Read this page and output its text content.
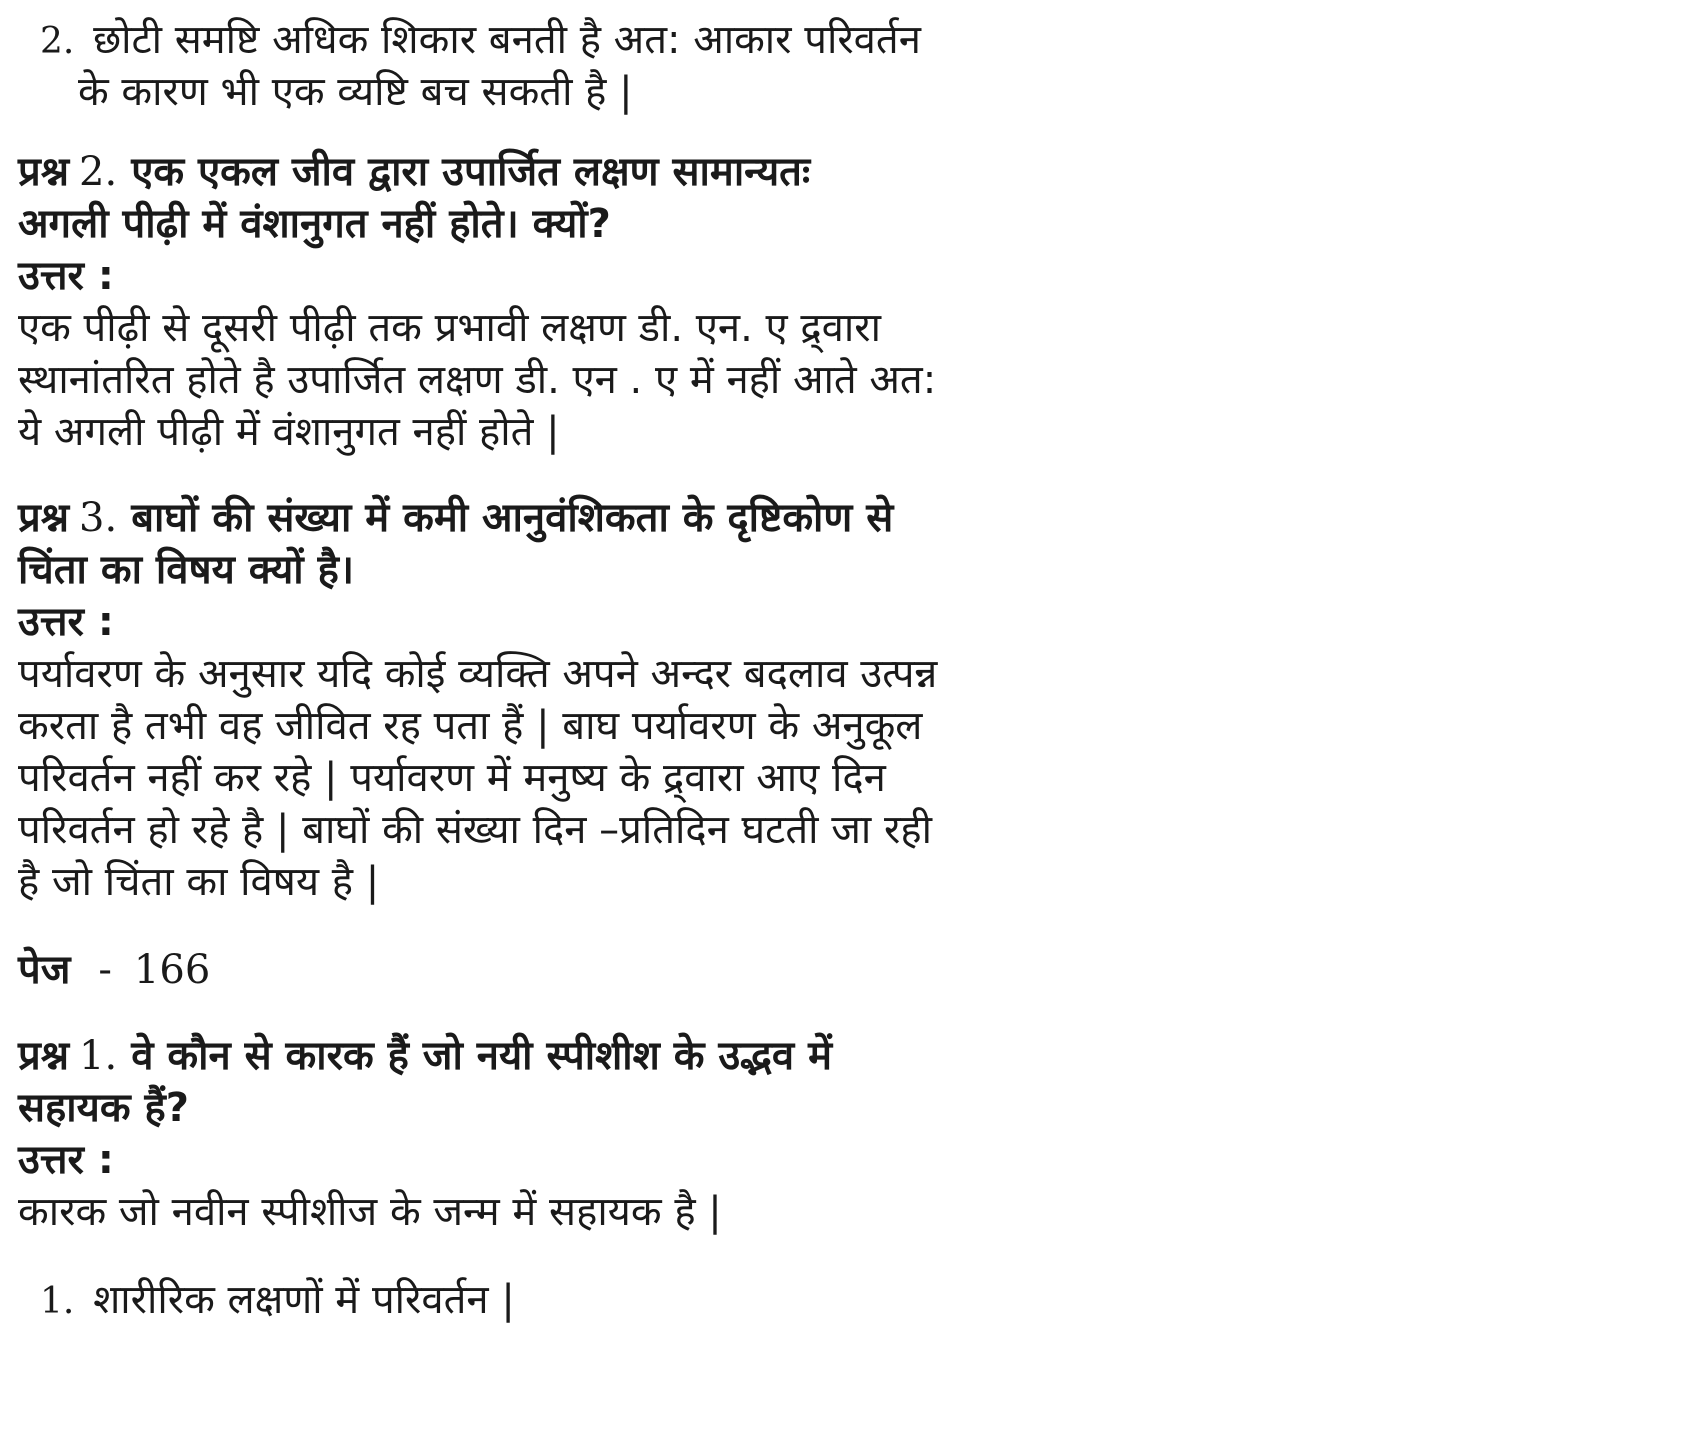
2. छोटी समष्टि अधिक शिकार बनती है अत: आकार परिवर्तन
के कारण भी एक व्यष्टि बच सकती है |
प्रश्न 2. एक एकल जीव द्वारा उपार्जित लक्षण सामान्यतः
अगली पीढ़ी में वंशानुगत नहीं होते। क्यों?
उत्तर :
एक पीढ़ी से दूसरी पीढ़ी तक प्रभावी लक्षण डी. एन. ए द्र्वारा
स्थानांतरित होते है उपार्जित लक्षण डी. एन . ए में नहीं आते अत:
ये अगली पीढ़ी में वंशानुगत नहीं होते |
प्रश्न 3. बाघों की संख्या में कमी आनुवंशिकता के दृष्टिकोण से
चिंता का विषय क्यों है।
उत्तर :
पर्यावरण के अनुसार यदि कोई व्यक्ति अपने अन्दर बदलाव उत्पन्न
करता है तभी वह जीवित रह पता हैं | बाघ पर्यावरण के अनुकूल
परिवर्तन नहीं कर रहे | पर्यावरण में मनुष्य के द्र्वारा आए दिन
परिवर्तन हो रहे है | बाघों की संख्या दिन –प्रतिदिन घटती जा रही
है जो चिंता का विषय है |
पेज - 166
प्रश्न 1. वे कौन से कारक हैं जो नयी स्पीशीश के उद्भव में
सहायक हैं?
उत्तर :
कारक जो नवीन स्पीशीज के जन्म में सहायक है |
1. शारीरिक लक्षणों में परिवर्तन |
